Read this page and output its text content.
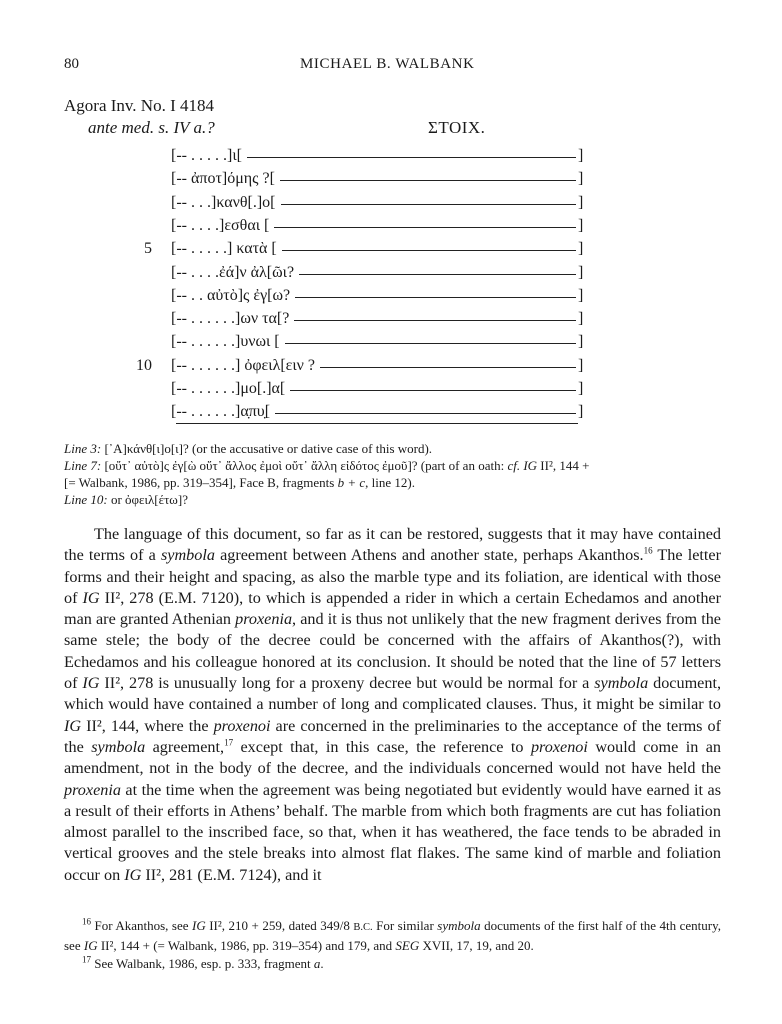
80	MICHAEL B. WALBANK
Agora Inv. No. I 4184
ante med. s. IV a.?	ΣΤΟΙΧ.
[-- . . . . .]ι[	]
[-- ἀποτ]όμης ?[	]
[-- . . .]κανθ[.]ο[	]
[-- . . . .]εσθαι [	]
5 [-- . . . . .] κατὰ [	]
[-- . . . .ἐά]ν ἀλ[ῶι?	]
[-- . . αὐτὸ]ς ἐγ[ω?	]
[-- . . . . . .]ων τα[?	]
[-- . . . . . .]υνωι [	]
10 [-- . . . . . .] ὀφειλ[ειν ?	]
[-- . . . . . .]μο[.]α[	]
[-- . . . . . .]α̣πυ̣[	]
Line 3: [᾿Α]κάνθ[ι]ο[ι]? (or the accusative or dative case of this word).
Line 7: [οὔτ᾿ αὐτὸ]ς ἐγ[ὼ οὔτ᾿ ἄλλος ἐμοὶ οὔτ᾿ ἄλλη εἰδότος ἐμοῦ]? (part of an oath: cf. IG II², 144 +
[= Walbank, 1986, pp. 319–354], Face B, fragments b + c, line 12).
Line 10: or ὀφειλ[έτω]?

The language of this document, so far as it can be restored, suggests that it may have contained the terms of a symbola agreement between Athens and another state, perhaps Akanthos.$^{16}$ The letter forms and their height and spacing, as also the marble type and its foliation, are identical with those of IG II², 278 (E.M. 7120), to which is appended a rider in which a certain Echedamos and another man are granted Athenian proxenia, and it is thus not unlikely that the new fragment derives from the same stele; the body of the decree could be concerned with the affairs of Akanthos(?), with Echedamos and his colleague honored at its conclusion. It should be noted that the line of 57 letters of IG II², 278 is unusually long for a proxeny decree but would be normal for a symbola document, which would have contained a number of long and complicated clauses. Thus, it might be similar to IG II², 144, where the proxenoi are concerned in the preliminaries to the acceptance of the terms of the symbola agreement,$^{17}$ except that, in this case, the reference to proxenoi would come in an amendment, not in the body of the decree, and the individuals concerned would not have held the proxenia at the time when the agreement was being negotiated but evidently would have earned it as a result of their efforts in Athens’ behalf. The marble from which both fragments are cut has foliation almost parallel to the inscribed face, so that, when it has weathered, the face tends to be abraded in vertical grooves and the stele breaks into almost flat flakes. The same kind of marble and foliation occur on IG II², 281 (E.M. 7124), and it

$^{16}$ For Akanthos, see IG II², 210 + 259, dated 349/8 B.C. For similar symbola documents of the first half of the 4th century, see IG II², 144 + (= Walbank, 1986, pp. 319–354) and 179, and SEG XVII, 17, 19, and 20.
$^{17}$ See Walbank, 1986, esp. p. 333, fragment a.
